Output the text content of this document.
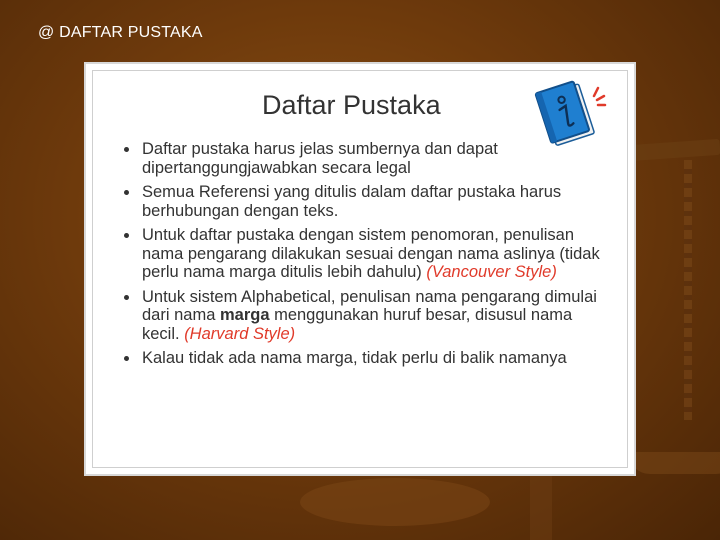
@ DAFTAR PUSTAKA
Daftar Pustaka
Daftar pustaka harus jelas sumbernya dan dapat dipertanggungjawabkan secara legal
Semua Referensi yang ditulis dalam daftar pustaka harus berhubungan dengan teks.
Untuk daftar pustaka dengan sistem penomoran, penulisan nama pengarang dilakukan sesuai dengan nama aslinya (tidak perlu nama marga ditulis lebih dahulu) (Vancouver Style)
Untuk sistem Alphabetical, penulisan nama pengarang dimulai dari nama marga menggunakan huruf besar, disusul nama kecil. (Harvard Style)
Kalau tidak ada nama marga, tidak perlu di balik namanya
